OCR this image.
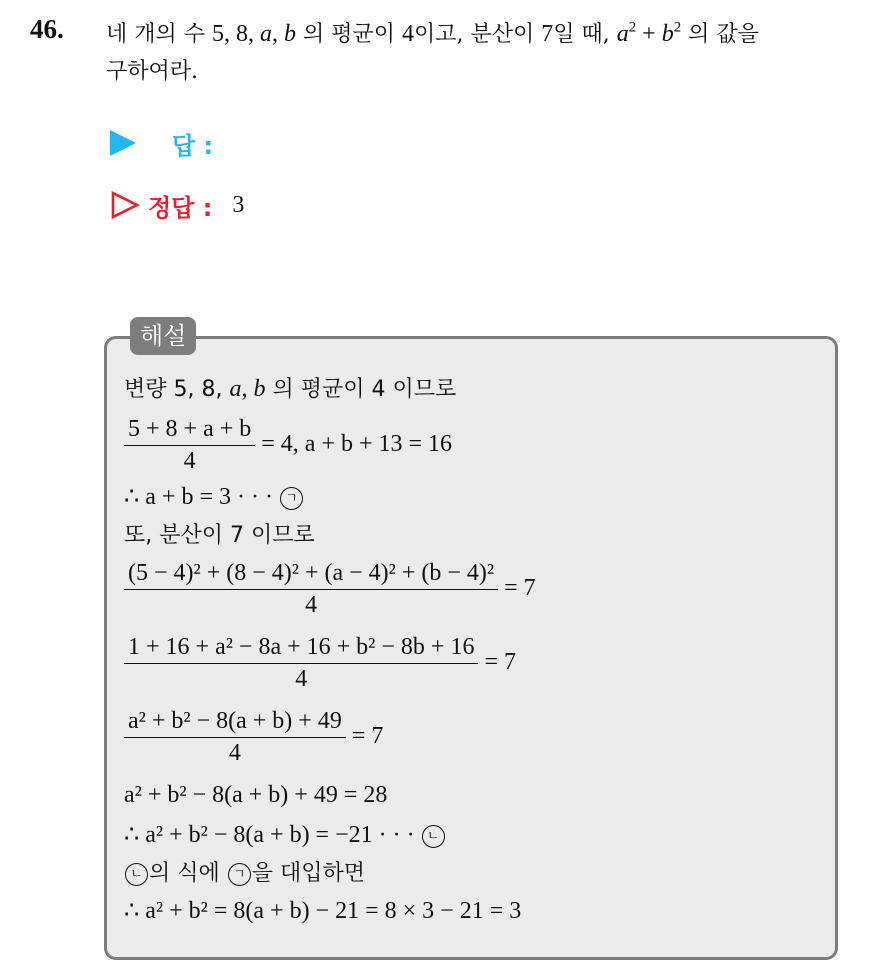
46. 네 개의 수 5, 8, a, b 의 평균이 4이고, 분산이 7일 때, $a^2 + b^2$ 의 값을
구하여라.
답 :
정답 : 3
해설
변량 5, 8, a, b 의 평균이 4 이므로
$\frac{5 + 8 + a + b}{4} = 4$, a + b + 13 = 16
∴ a + b = 3 · · · ㄱ
또, 분산이 7 이므로
$\frac{\text{(5 − 4)² + (8 − 4)² + (a − 4)² + (b − 4)²}}{4} = 7$
$\frac{\text{1 + 16 + a² − 8a + 16 + b² − 8b + 16}}{4} = 7$
$\frac{\text{a² + b² − 8(a + b) + 49}}{4} = 7$
a² + b² − 8(a + b) + 49 = 28
∴ a² + b² − 8(a + b) = −21 · · · ㄴ
ㄴ 의 식에 ㄱ 을 대입하면
∴ a² + b² = 8(a + b) − 21 = 8 × 3 − 21 = 3
